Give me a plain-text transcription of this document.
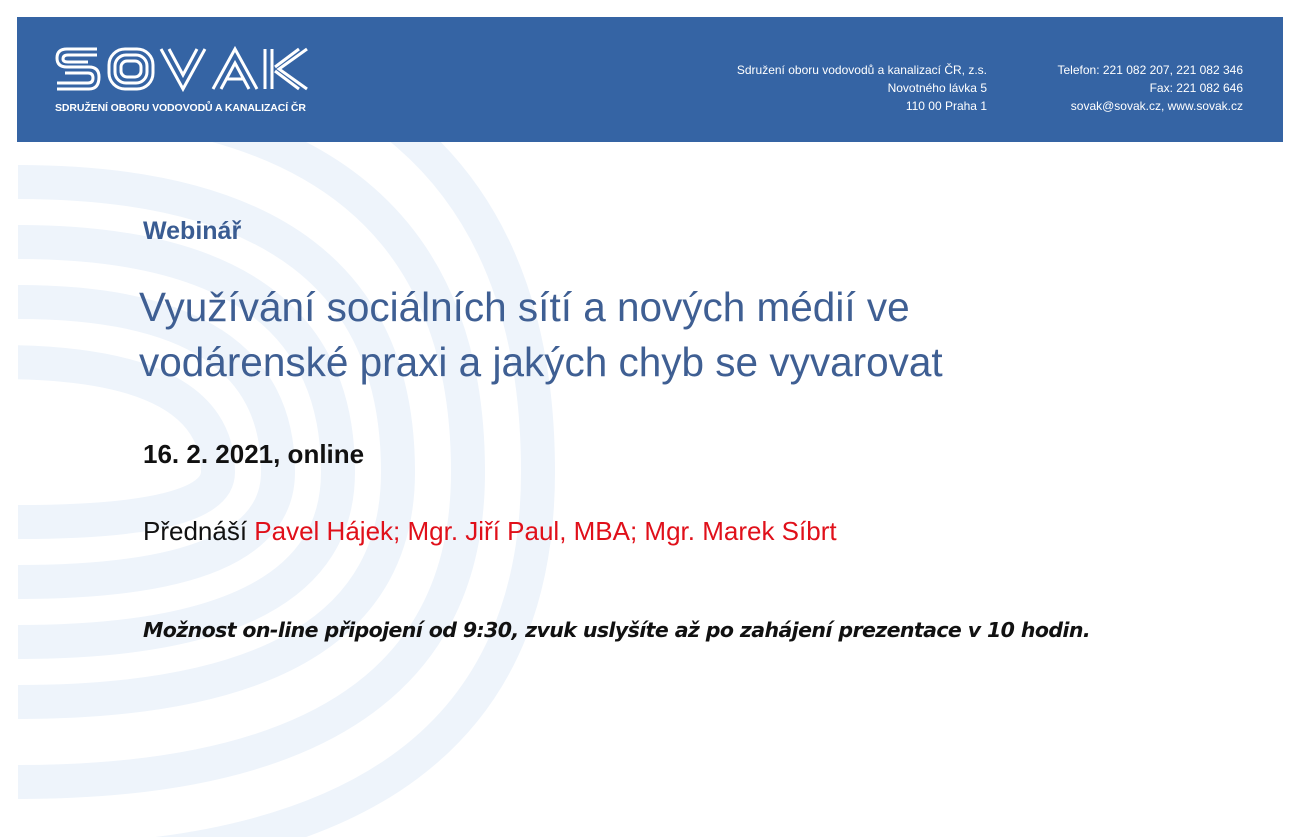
SDRUŽENÍ OBORU VODOVODŮ A KANALIZACÍ ČR
Sdružení oboru vodovodů a kanalizací ČR, z.s.
Novotného lávka 5
110 00 Praha 1
Telefon: 221 082 207, 221 082 346
Fax: 221 082 646
sovak@sovak.cz, www.sovak.cz
Webinář
Využívání sociálních sítí a nových médií ve
vodárenské praxi a jakých chyb se vyvarovat
16. 2. 2021, online
Přednáší Pavel Hájek; Mgr. Jiří Paul, MBA; Mgr. Marek Síbrt
Možnost on-line připojení od 9:30, zvuk uslyšíte až po zahájení prezentace v 10 hodin.
